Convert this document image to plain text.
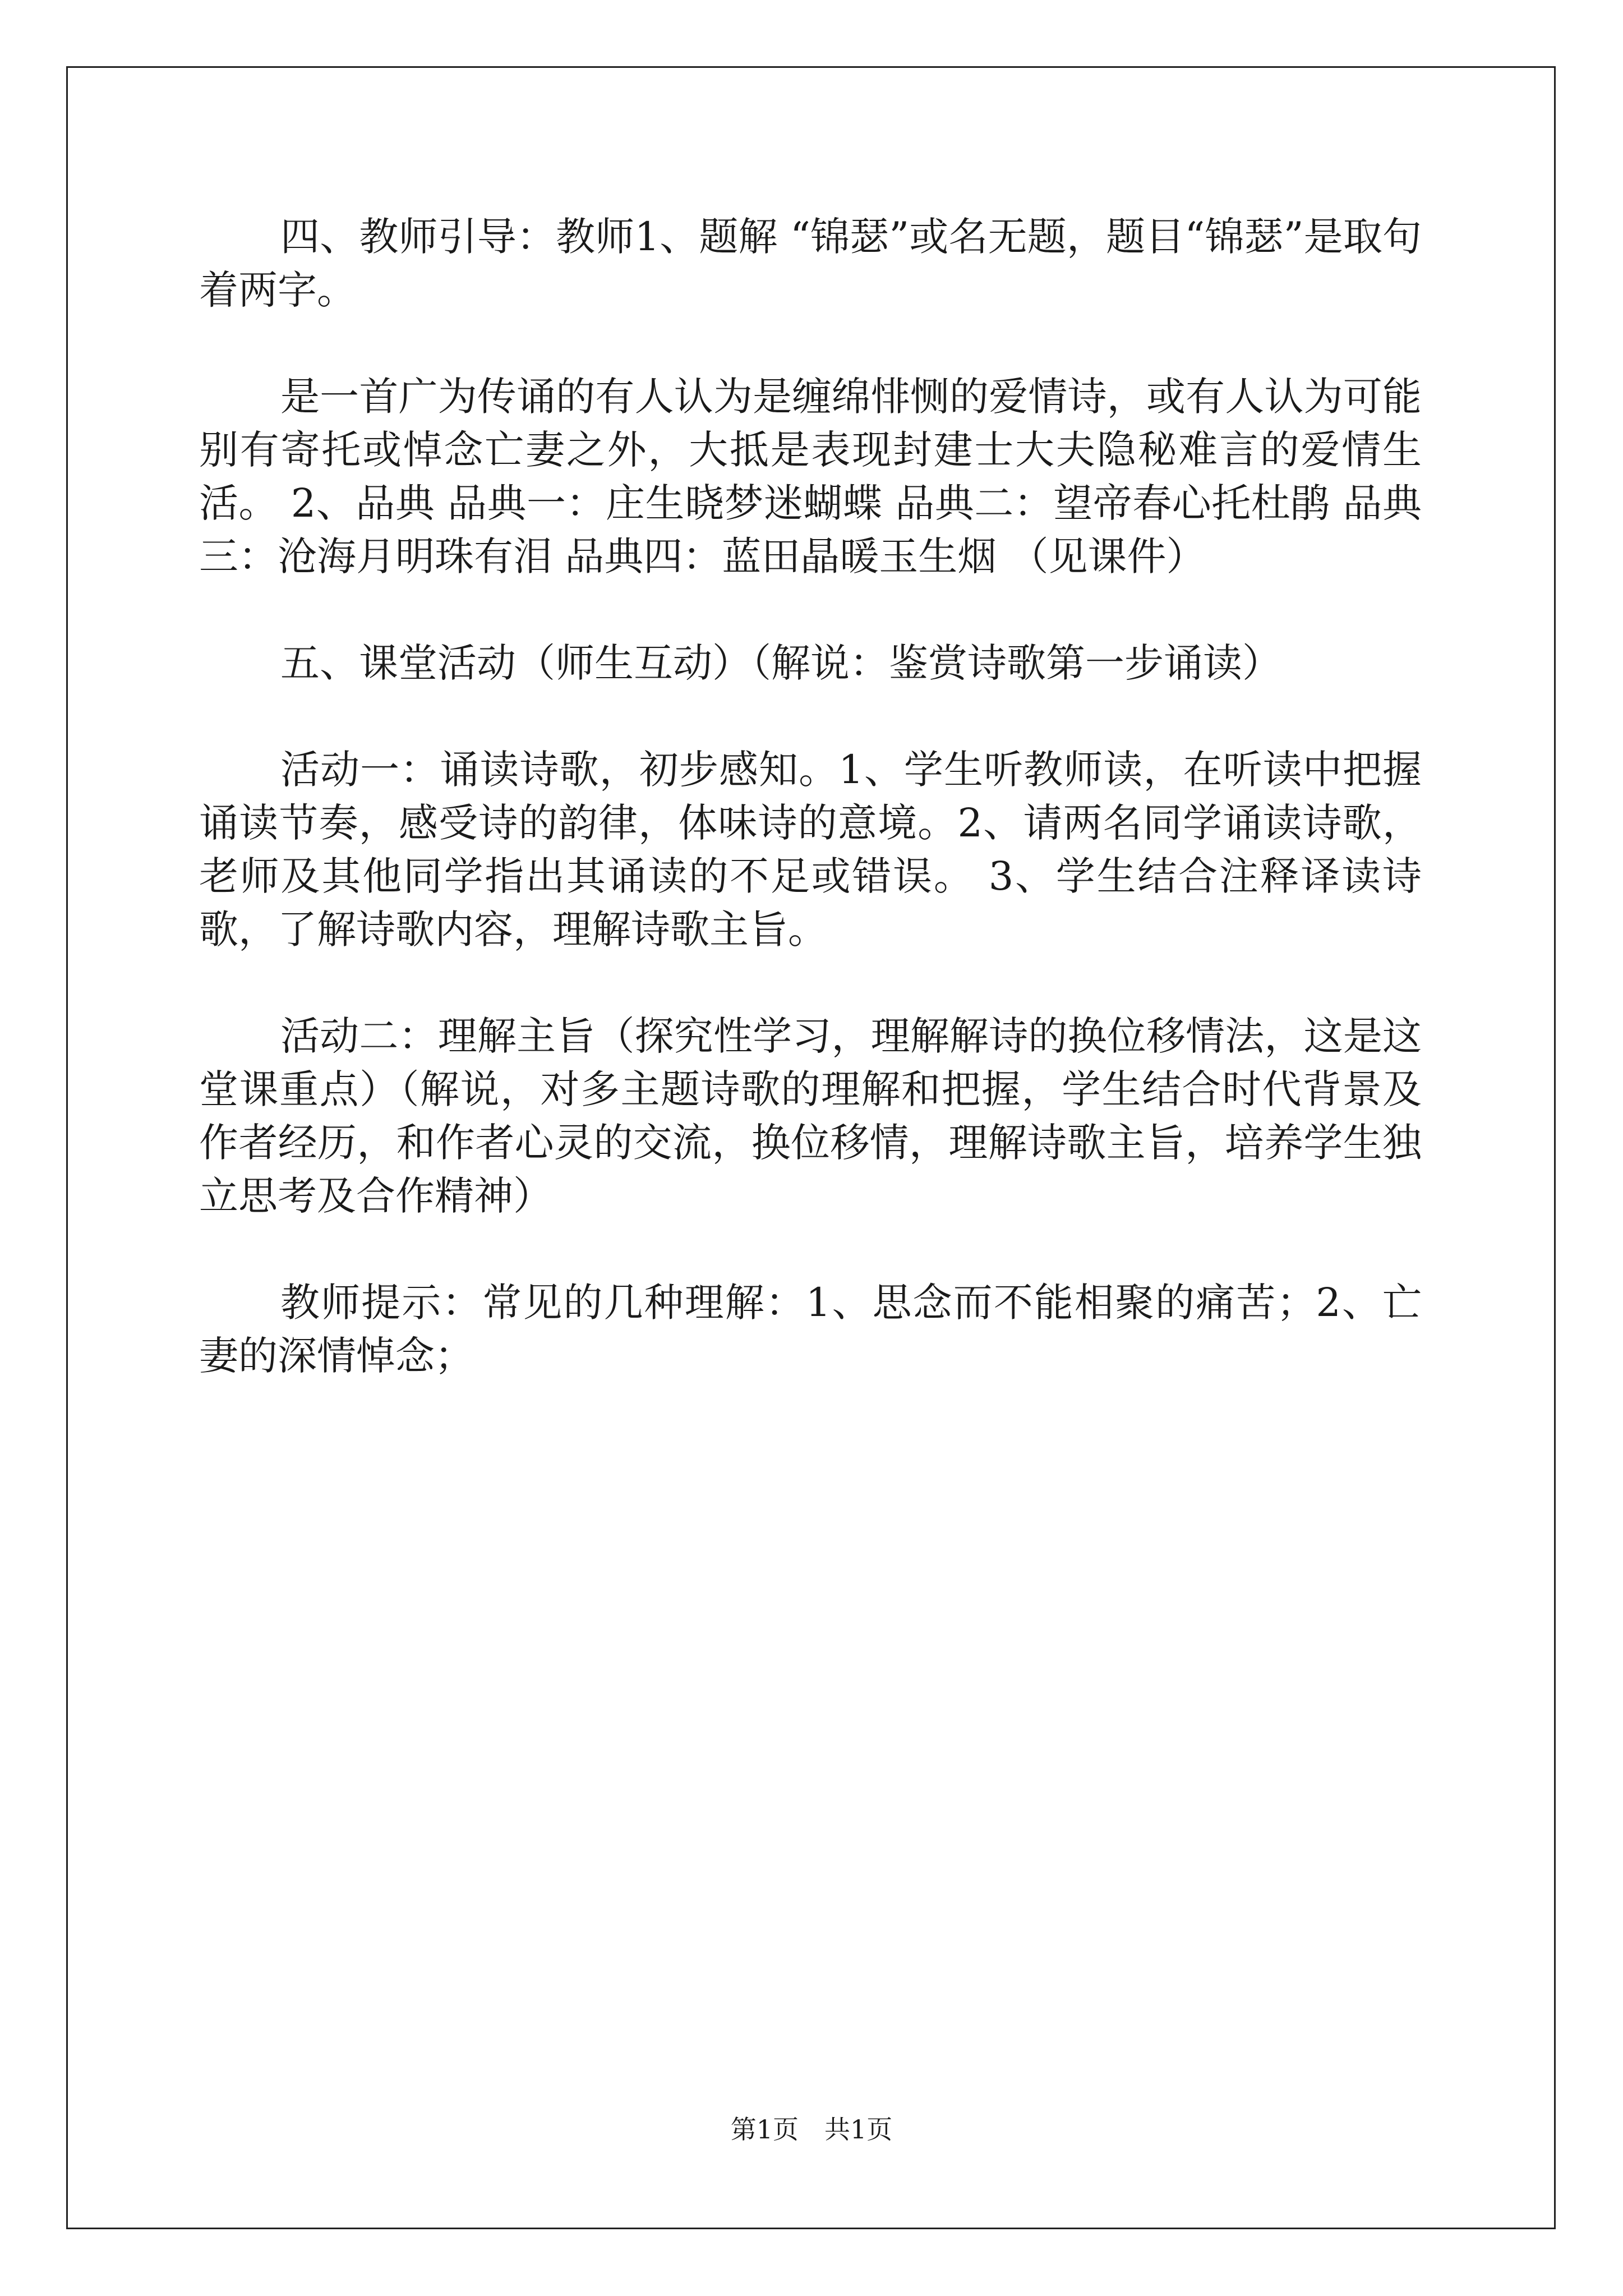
四、教师引导：教师1、题解 “锦瑟”或名无题，题目“锦瑟”是取句着两字。

是一首广为传诵的有人认为是缠绵悱恻的爱情诗，或有人认为可能别有寄托或悼念亡妻之外，大抵是表现封建士大夫隐秘难言的爱情生活。 2、品典 品典一：庄生晓梦迷蝴蝶 品典二：望帝春心托杜鹃 品典三：沧海月明珠有泪 品典四：蓝田晶暖玉生烟 （见课件）

五、课堂活动（师生互动）（解说：鉴赏诗歌第一步诵读）

活动一：诵读诗歌，初步感知。1、学生听教师读，在听读中把握诵读节奏，感受诗的韵律，体味诗的意境。2、请两名同学诵读诗歌，老师及其他同学指出其诵读的不足或错误。 3、学生结合注释译读诗歌，了解诗歌内容，理解诗歌主旨。

活动二：理解主旨（探究性学习，理解解诗的换位移情法，这是这堂课重点）（解说，对多主题诗歌的理解和把握，学生结合时代背景及作者经历，和作者心灵的交流，换位移情，理解诗歌主旨，培养学生独立思考及合作精神）

教师提示：常见的几种理解：1、思念而不能相聚的痛苦；2、亡妻的深情悼念；

第1页 共1页
